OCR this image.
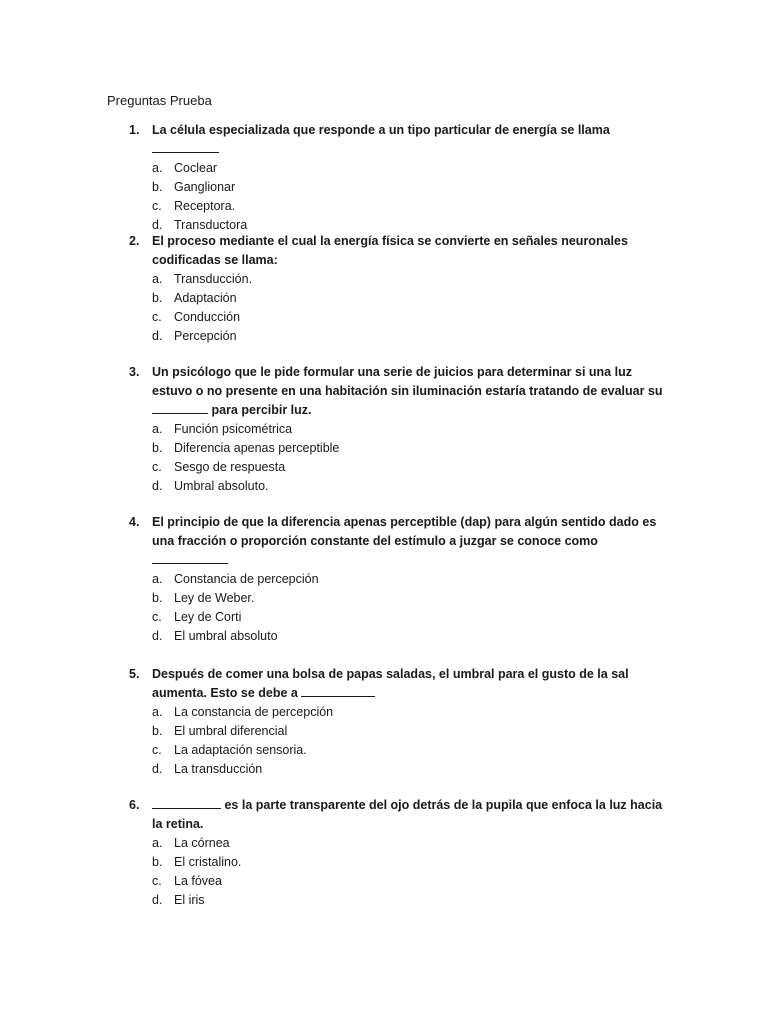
Preguntas Prueba
1. La célula especializada que responde a un tipo particular de energía se llama
a. Coclear
b. Ganglionar
c. Receptora.
d. Transductora
2. El proceso mediante el cual la energía física se convierte en señales neuronales codificadas se llama:
a. Transducción.
b. Adaptación
c. Conducción
d. Percepción
3. Un psicólogo que le pide formular una serie de juicios para determinar si una luz estuvo o no presente en una habitación sin iluminación estaría tratando de evaluar su  para percibir luz.
a. Función psicométrica
b. Diferencia apenas perceptible
c. Sesgo de respuesta
d. Umbral absoluto.
4. El principio de que la diferencia apenas perceptible (dap) para algún sentido dado es una fracción o proporción constante del estímulo a juzgar se conoce como
a. Constancia de percepción
b. Ley de Weber.
c. Ley de Corti
d. El umbral absoluto
5. Después de comer una bolsa de papas saladas, el umbral para el gusto de la sal aumenta. Esto se debe a
a. La constancia de percepción
b. El umbral diferencial
c. La adaptación sensoria.
d. La transducción
6.	es la parte transparente del ojo detrás de la pupila que enfoca la luz hacia la retina.
a. La córnea
b. El cristalino.
c. La fóvea
d. El iris
